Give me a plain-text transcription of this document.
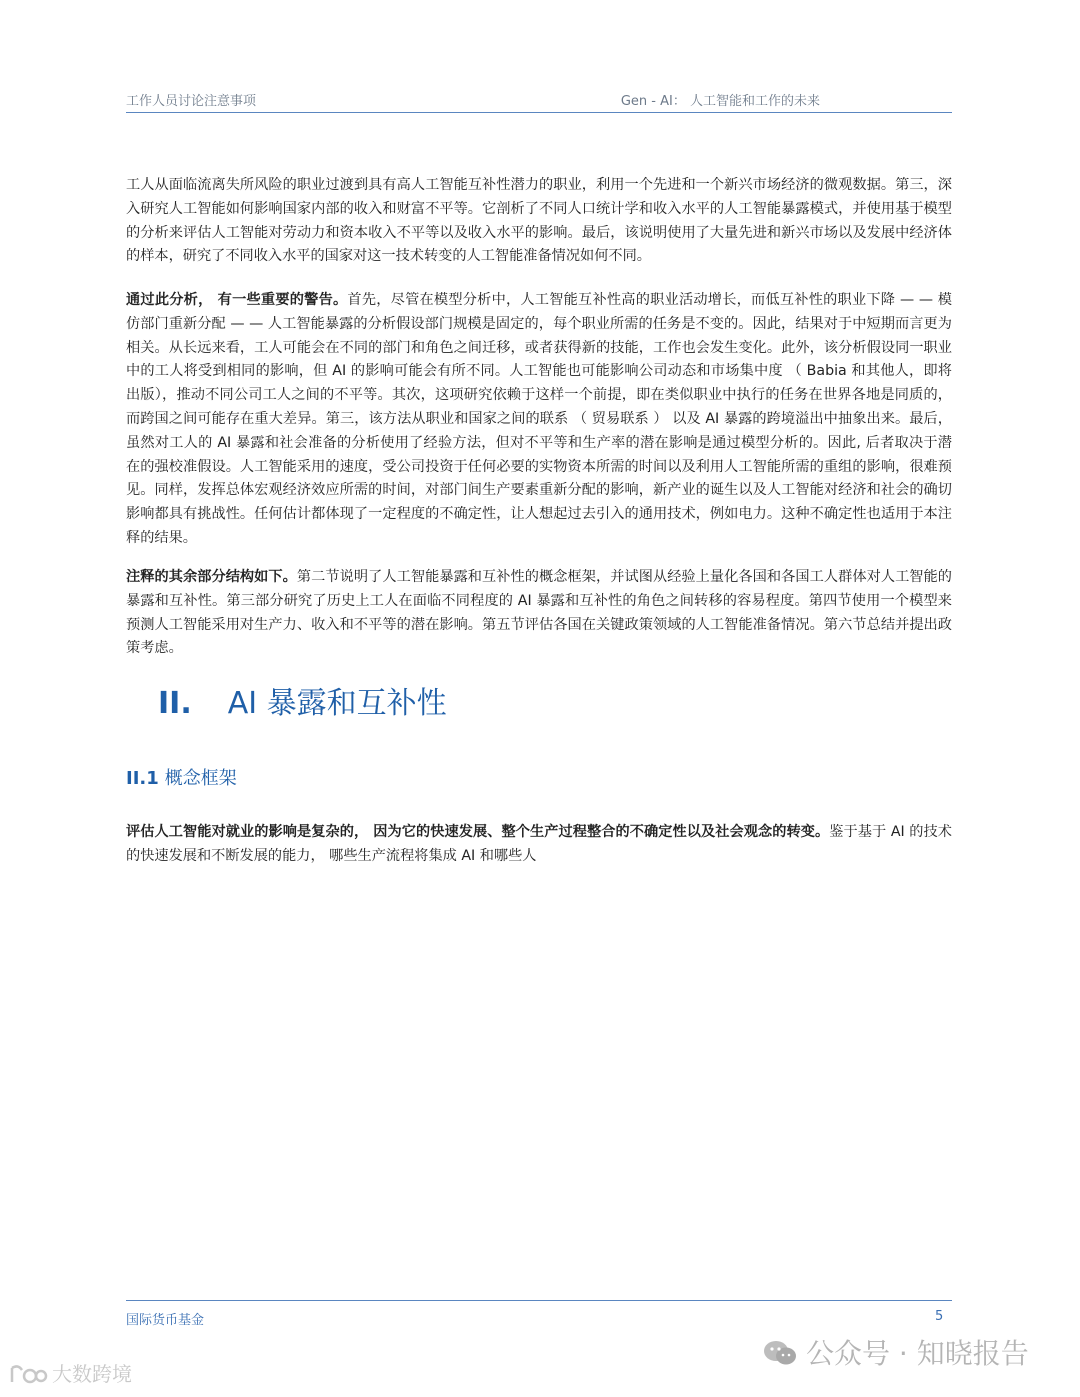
工作人员讨论注意事项	Gen - AI： 人工智能和工作的未来

工人从面临流离失所风险的职业过渡到具有高人工智能互补性潜力的职业，利用一个先进和一个新兴市场经济的微观数据。第三，深入研究人工智能如何影响国家内部的收入和财富不平等。它剖析了不同人口统计学和收入水平的人工智能暴露模式，并使用基于模型的分析来评估人工智能对劳动力和资本收入不平等以及收入水平的影响。最后，该说明使用了大量先进和新兴市场以及发展中经济体的样本，研究了不同收入水平的国家对这一技术转变的人工智能准备情况如何不同。

通过此分析， 有一些重要的警告。首先，尽管在模型分析中，人工智能互补性高的职业活动增长，而低互补性的职业下降 — — 模仿部门重新分配 — — 人工智能暴露的分析假设部门规模是固定的，每个职业所需的任务是不变的。因此，结果对于中短期而言更为相关。从长远来看，工人可能会在不同的部门和角色之间迁移，或者获得新的技能，工作也会发生变化。此外，该分析假设同一职业中的工人将受到相同的影响，但 AI 的影响可能会有所不同。人工智能也可能影响公司动态和市场集中度 （ Babia 和其他人，即将出版），推动不同公司工人之间的不平等。其次，这项研究依赖于这样一个前提，即在类似职业中执行的任务在世界各地是同质的，而跨国之间可能存在重大差异。第三，该方法从职业和国家之间的联系 （ 贸易联系 ） 以及 AI 暴露的跨境溢出中抽象出来。最后，虽然对工人的 AI 暴露和社会准备的分析使用了经验方法，但对不平等和生产率的潜在影响是通过模型分析的。因此, 后者取决于潜在的强校准假设。人工智能采用的速度，受公司投资于任何必要的实物资本所需的时间以及利用人工智能所需的重组的影响，很难预见。同样，发挥总体宏观经济效应所需的时间，对部门间生产要素重新分配的影响，新产业的诞生以及人工智能对经济和社会的确切影响都具有挑战性。任何估计都体现了一定程度的不确定性，让人想起过去引入的通用技术，例如电力。这种不确定性也适用于本注释的结果。

注释的其余部分结构如下。第二节说明了人工智能暴露和互补性的概念框架，并试图从经验上量化各国和各国工人群体对人工智能的暴露和互补性。第三部分研究了历史上工人在面临不同程度的 AI 暴露和互补性的角色之间转移的容易程度。第四节使用一个模型来预测人工智能采用对生产力、收入和不平等的潜在影响。第五节评估各国在关键政策领域的人工智能准备情况。第六节总结并提出政策考虑。

II. AI 暴露和互补性
II.1 概念框架

评估人工智能对就业的影响是复杂的， 因为它的快速发展、整个生产过程整合的不确定性以及社会观念的转变。鉴于基于 AI 的技术的快速发展和不断发展的能力， 哪些生产流程将集成 AI 和哪些人

国际货币基金	5
公众号 · 知晓报告
大数跨境
